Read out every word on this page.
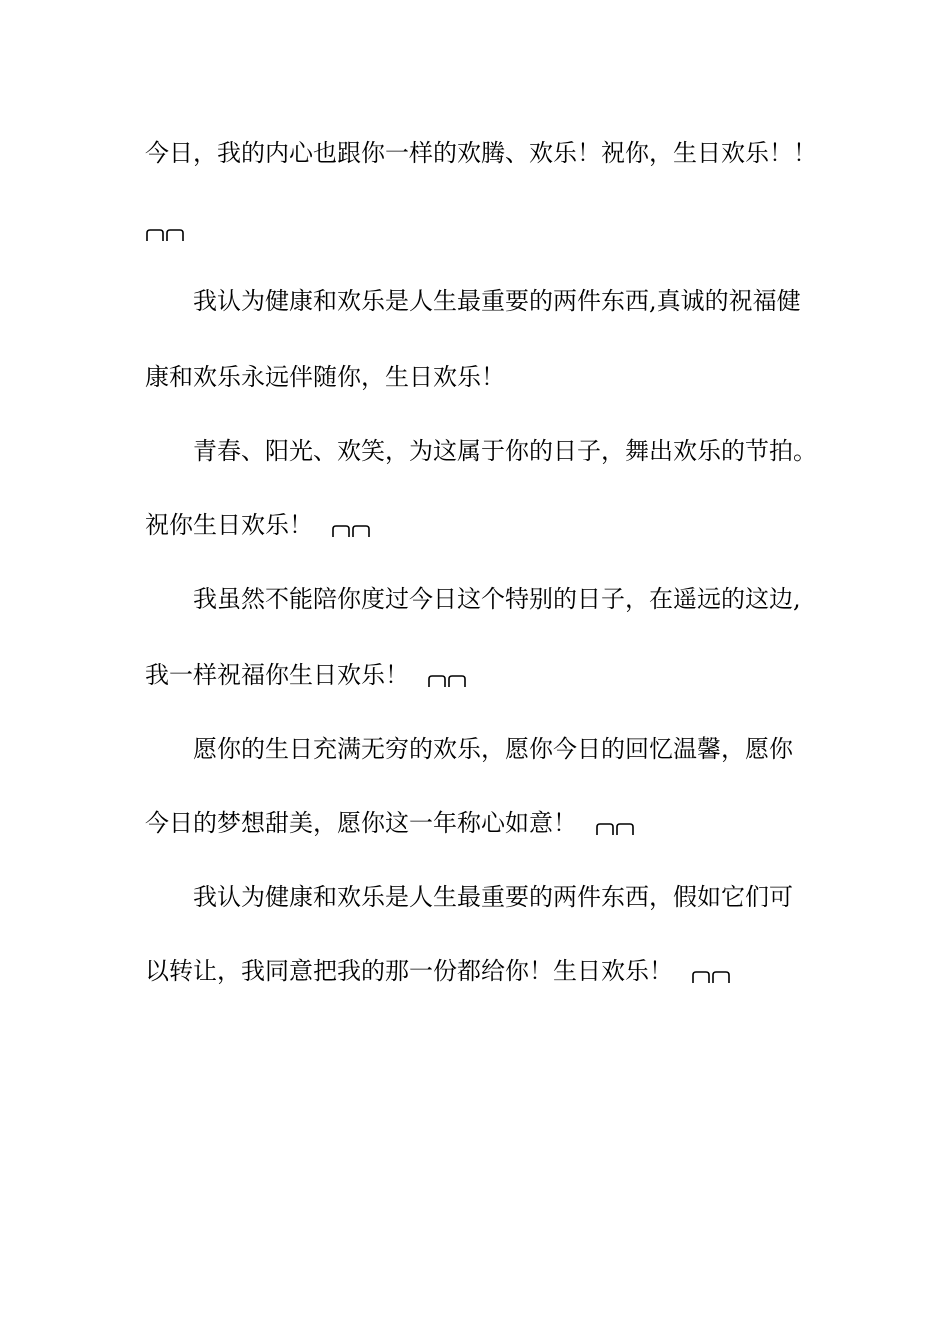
今日，我的内心也跟你一样的欢腾、欢乐！祝你，生日欢乐！！
我认为健康和欢乐是人生最重要的两件东西,真诚的祝福健
康和欢乐永远伴随你，生日欢乐！
青春、阳光、欢笑，为这属于你的日子，舞出欢乐的节拍。
祝你生日欢乐！
我虽然不能陪你度过今日这个特别的日子，在遥远的这边,
我一样祝福你生日欢乐！
愿你的生日充满无穷的欢乐，愿你今日的回忆温馨，愿你
今日的梦想甜美，愿你这一年称心如意！
我认为健康和欢乐是人生最重要的两件东西，假如它们可
以转让，我同意把我的那一份都给你！生日欢乐！
